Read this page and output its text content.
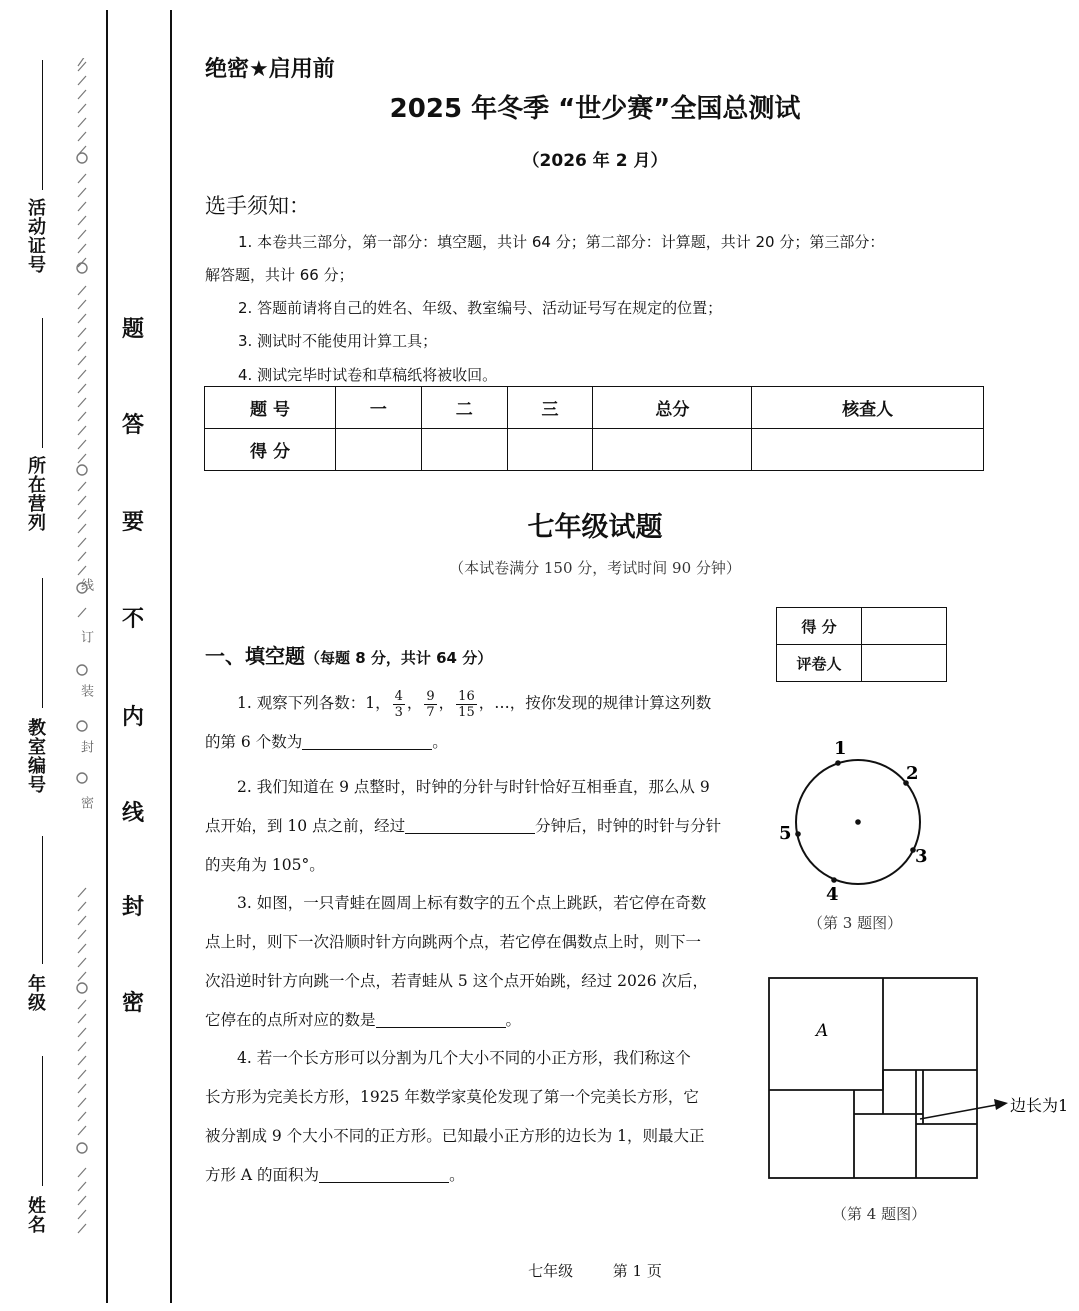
活动证号
所在营列
教室编号
年级
姓名
密
封
装
订
线
密
封
线
内
不
要
答
题
绝密★启用前
2025 年冬季 “世少赛”全国总测试
（2026 年 2 月）
选手须知：
1. 本卷共三部分，第一部分：填空题，共计 64 分；第二部分：计算题，共计 20 分；第三部分：
解答题，共计 66 分；
2. 答题前请将自己的姓名、年级、教室编号、活动证号写在规定的位置；
3. 测试时不能使用计算工具；
4. 测试完毕时试卷和草稿纸将被收回。
题 号	一	二	三	总分	核查人
得 分					
七年级试题
（本试卷满分 150 分，考试时间 90 分钟）
得 分	
评卷人	
一、填空题（每题 8 分，共计 64 分）
1. 观察下列各数：1， $\frac{4}{3}$ ， $\frac{9}{7}$ ， $\frac{16}{15}$ ，…，按你发现的规律计算这列数
的第 6 个数为	。
2. 我们知道在 9 点整时，时钟的分针与时针恰好互相垂直，那么从 9
点开始，到 10 点之前，经过	分钟后，时钟的时针与分针
的夹角为 105°。
3. 如图，一只青蛙在圆周上标有数字的五个点上跳跃，若它停在奇数
点上时，则下一次沿顺时针方向跳两个点，若它停在偶数点上时，则下一
次沿逆时针方向跳一个点，若青蛙从 5 这个点开始跳，经过 2026 次后，
它停在的点所对应的数是	。
4. 若一个长方形可以分割为几个大小不同的小正方形，我们称这个
长方形为完美长方形，1925 年数学家莫伦发现了第一个完美长方形，它
被分割成 9 个大小不同的正方形。已知最小正方形的边长为 1，则最大正
方形 A 的面积为	。
1
2
3
4
5
（第 3 题图）
A
边长为1
（第 4 题图）
七年级	第 1 页
